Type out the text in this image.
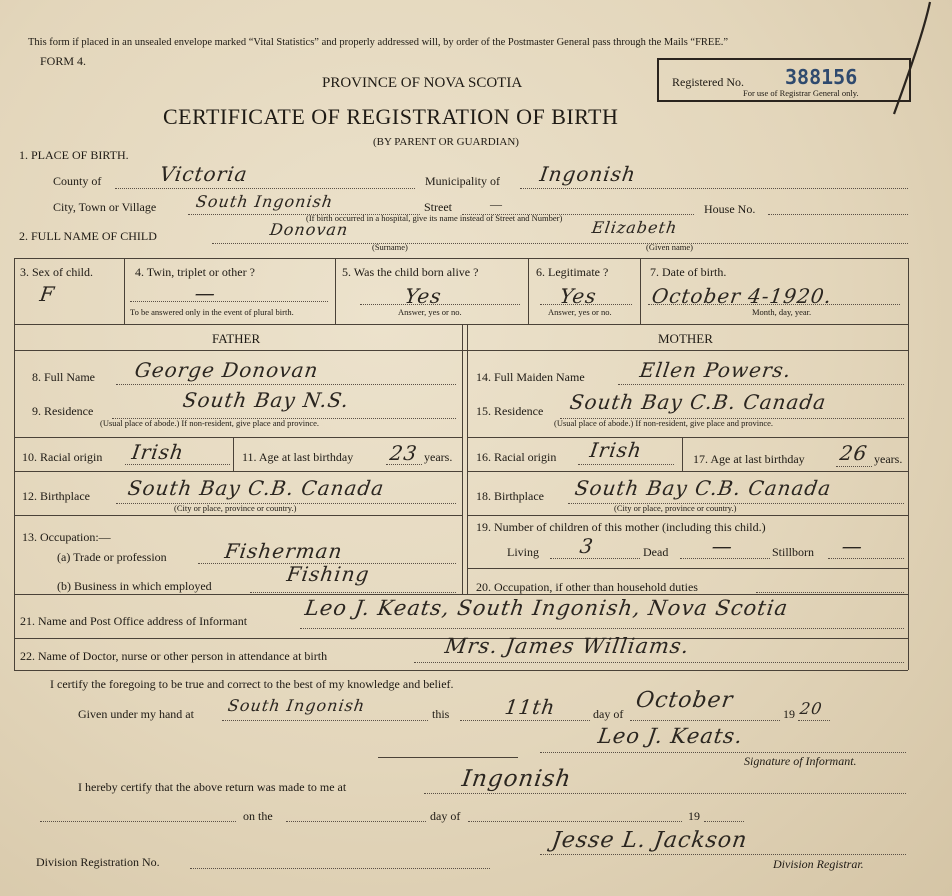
This form if placed in an unsealed envelope marked “Vital Statistics” and properly addressed will, by order of the Postmaster General pass through the Mails “FREE.”
FORM 4.
PROVINCE OF NOVA SCOTIA
CERTIFICATE OF REGISTRATION OF BIRTH
(BY PARENT OR GUARDIAN)
Registered No. 388156
For use of Registrar General only.
1. PLACE OF BIRTH.
County of	Victoria	Municipality of Ingonish
City, Town or Village South Ingonish	Street	—	House No.
(If birth occurred in a hospital, give its name instead of Street and Number)
2. FULL NAME OF CHILD	Donovan
(Surname)
Elizabeth
(Given name)
3. Sex of child.
F
4. Twin, triplet or other ?
—
To be answered only in the event of plural birth.
5. Was the child born alive ?
Yes
Answer, yes or no.
6. Legitimate ?
Yes
Answer, yes or no.
7. Date of birth.
October 4-1920.
Month, day, year.
FATHER	MOTHER
8. Full Name George Donovan
9. Residence	South Bay N.S.
(Usual place of abode.) If non-resident, give place and province.
10. Racial origin Irish	11. Age at last birthday 23 years.
12. Birthplace South Bay C.B. Canada
(City or place, province or country.)
13. Occupation:—
(a) Trade or profession	Fisherman
(b) Business in which employed	Fishing
14. Full Maiden Name	Ellen Powers.
15. Residence South Bay C.B. Canada
(Usual place of abode.) If non-resident, give place and province.
16. Racial origin Irish	17. Age at last birthday 26 years.
18. Birthplace South Bay C.B. Canada
(City or place, province or country.)
19. Number of children of this mother (including this child.)
Living 3	Dead —	Stillborn —
20. Occupation, if other than household duties
21. Name and Post Office address of Informant
Leo J. Keats, South Ingonish, Nova Scotia
22. Name of Doctor, nurse or other person in attendance at birth	Mrs. James Williams.
I certify the foregoing to be true and correct to the best of my knowledge and belief.
Given under my hand at South Ingonish	this	11th	day of
October
19 20
Leo J. Keats.
Signature of Informant.
I hereby certify that the above return was made to me at	Ingonish
on the	day of	19
Division Registration No.
Jesse L. Jackson
Division Registrar.
